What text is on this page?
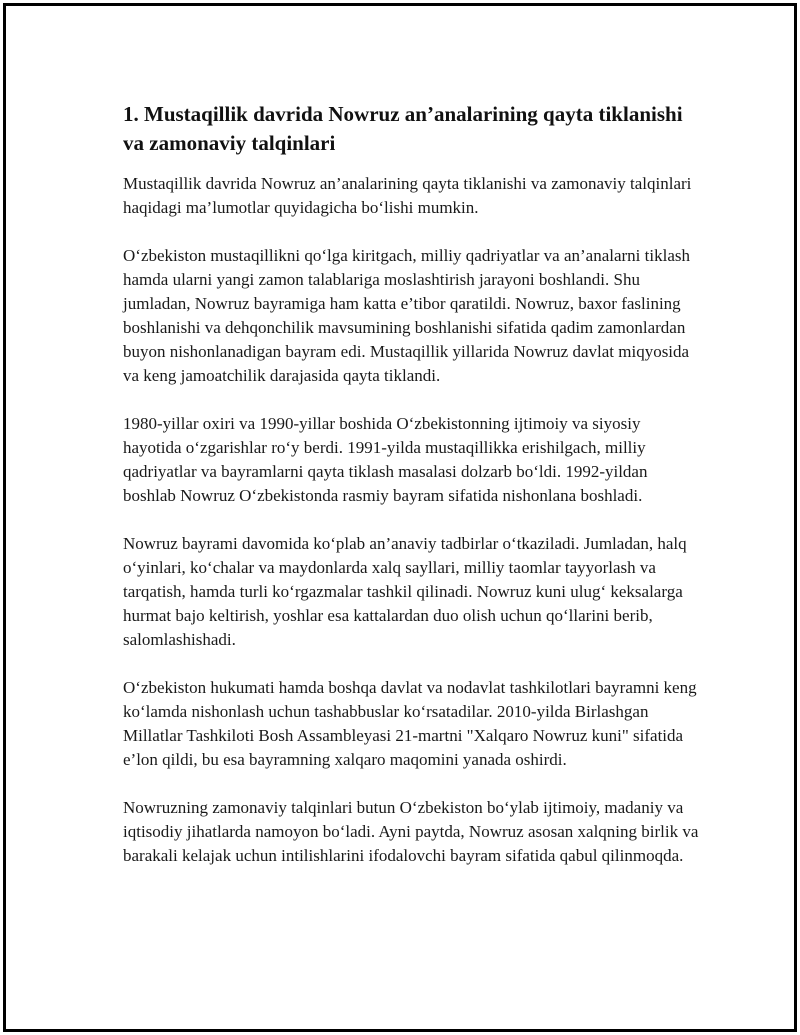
1. Mustaqillik davrida Nowruz an’analarining qayta tiklanishi va zamonaviy talqinlari

Mustaqillik davrida Nowruz an’analarining qayta tiklanishi va zamonaviy talqinlari haqidagi ma’lumotlar quyidagicha bo‘lishi mumkin.

O‘zbekiston mustaqillikni qo‘lga kiritgach, milliy qadriyatlar va an’analarni tiklash hamda ularni yangi zamon talablariga moslashtirish jarayoni boshlandi. Shu jumladan, Nowruz bayramiga ham katta e’tibor qaratildi. Nowruz, baxor faslining boshlanishi va dehqonchilik mavsumining boshlanishi sifatida qadim zamonlardan buyon nishonlanadigan bayram edi. Mustaqillik yillarida Nowruz davlat miqyosida va keng jamoatchilik darajasida qayta tiklandi.

1980-yillar oxiri va 1990-yillar boshida O‘zbekistonning ijtimoiy va siyosiy hayotida o‘zgarishlar ro‘y berdi. 1991-yilda mustaqillikka erishilgach, milliy qadriyatlar va bayramlarni qayta tiklash masalasi dolzarb bo‘ldi. 1992-yildan boshlab Nowruz O‘zbekistonda rasmiy bayram sifatida nishonlana boshladi.

Nowruz bayrami davomida ko‘plab an’anaviy tadbirlar o‘tkaziladi. Jumladan, halq o‘yinlari, ko‘chalar va maydonlarda xalq sayllari, milliy taomlar tayyorlash va tarqatish, hamda turli ko‘rgazmalar tashkil qilinadi. Nowruz kuni ulug‘ keksalarga hurmat bajo keltirish, yoshlar esa kattalardan duo olish uchun qo‘llarini berib, salomlashishadi.

O‘zbekiston hukumati hamda boshqa davlat va nodavlat tashkilotlari bayramni keng ko‘lamda nishonlash uchun tashabbuslar ko‘rsatadilar. 2010-yilda Birlashgan Millatlar Tashkiloti Bosh Assambleyasi 21-martni "Xalqaro Nowruz kuni" sifatida e’lon qildi, bu esa bayramning xalqaro maqomini yanada oshirdi.

Nowruzning zamonaviy talqinlari butun O‘zbekiston bo‘ylab ijtimoiy, madaniy va iqtisodiy jihatlarda namoyon bo‘ladi. Ayni paytda, Nowruz asosan xalqning birlik va barakali kelajak uchun intilishlarini ifodalovchi bayram sifatida qabul qilinmoqda.
